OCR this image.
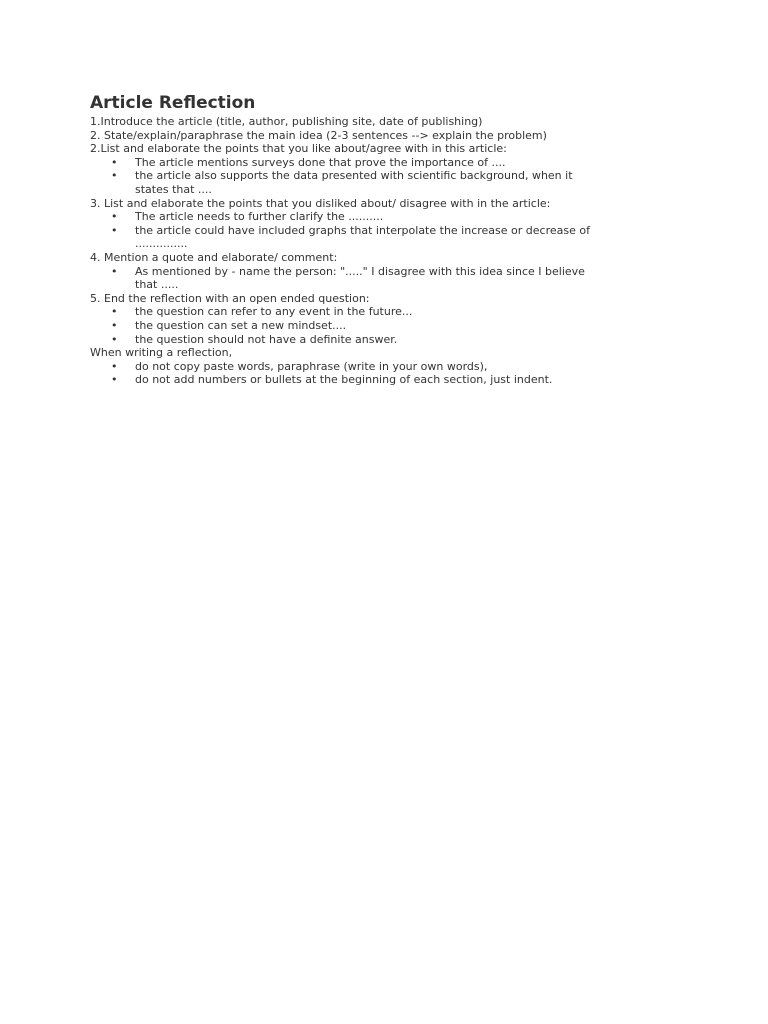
Article Reflection

1.Introduce the article (title, author, publishing site, date of publishing)

2. State/explain/paraphrase the main idea (2-3 sentences --> explain the problem)

2.List and elaborate the points that you like about/agree with in this article:

•	The article mentions surveys done that prove the importance of ....
•	the article also supports the data presented with scientific background, when it states that ....

3. List and elaborate the points that you disliked about/ disagree with in the article:

•	The article needs to further clarify the ..........
•	the article could have included graphs that interpolate the increase or decrease of ...............

4. Mention a quote and elaborate/ comment:

•	As mentioned by - name the person: "....." I disagree with this idea since I believe that .....

5. End the reflection with an open ended question:

•	the question can refer to any event in the future...
•	the question can set a new mindset....
•	the question should not have a definite answer.

When writing a reflection,

•	do not copy paste words, paraphrase (write in your own words),
•	do not add numbers or bullets at the beginning of each section, just indent.
